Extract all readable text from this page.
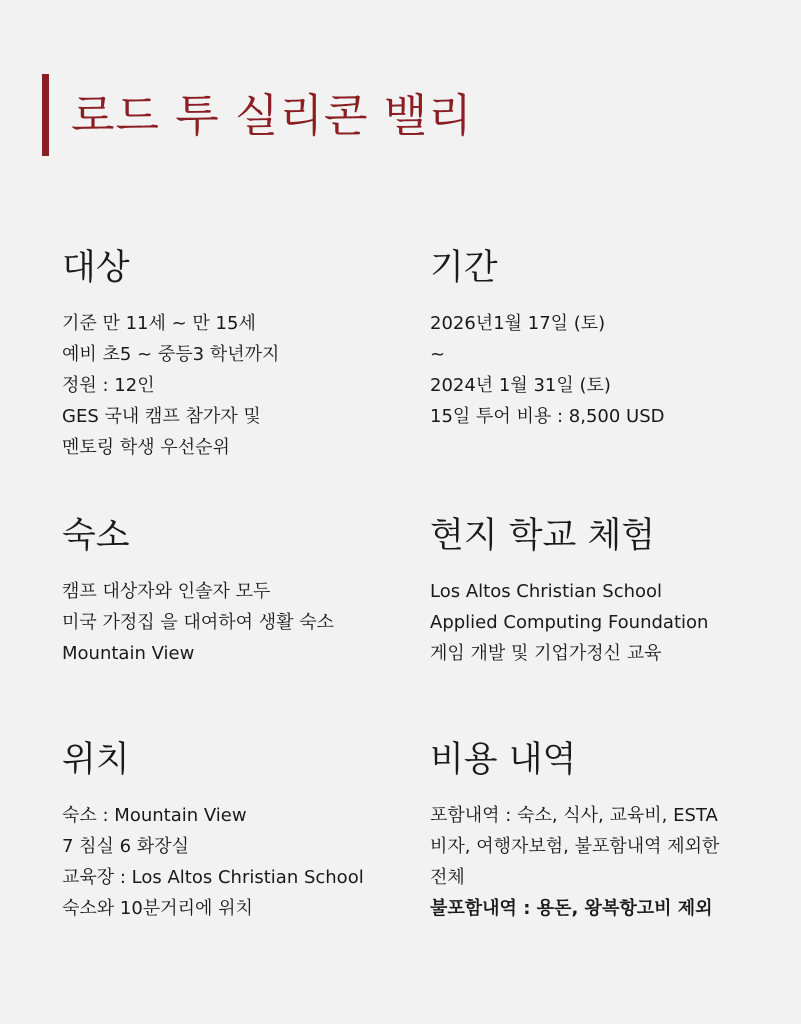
로드 투 실리콘 밸리
대상
기준 만 11세 ~ 만 15세
예비 초5 ~ 중등3 학년까지
정원 : 12인
GES 국내 캠프 참가자 및
멘토링 학생 우선순위
기간
2026년1월 17일 (토)
~
2024년 1월 31일 (토)
15일 투어 비용 : 8,500 USD
숙소
캠프 대상자와 인솔자 모두
미국 가정집 을 대여하여 생활 숙소
Mountain View
현지 학교 체험
Los Altos Christian School
Applied Computing Foundation
게임 개발 및 기업가정신 교육
위치
숙소 : Mountain View
7 침실 6 화장실
교육장 : Los Altos Christian School
숙소와 10분거리에 위치
비용 내역
포함내역 : 숙소, 식사, 교육비, ESTA
비자, 여행자보험, 불포함내역 제외한
전체
불포함내역 : 용돈, 왕복항고비 제외
